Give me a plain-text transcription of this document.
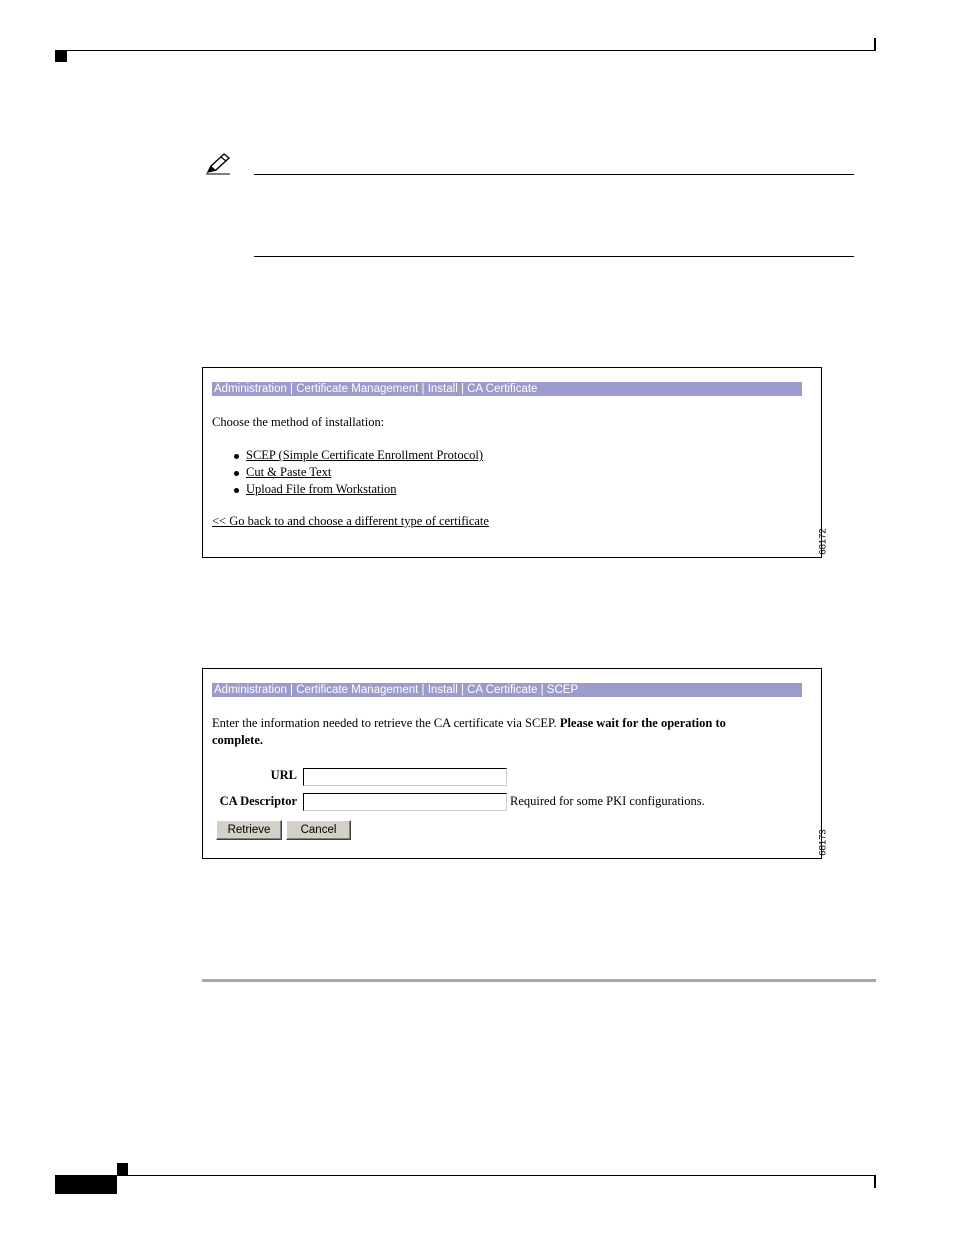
Administration | Certificate Management | Install | CA Certificate
Choose the method of installation:
SCEP (Simple Certificate Enrollment Protocol)
Cut & Paste Text
Upload File from Workstation
<< Go back to and choose a different type of certificate
68172
Administration | Certificate Management | Install | CA Certificate | SCEP
Enter the information needed to retrieve the CA certificate via SCEP. Please wait for the operation to
complete.
URL
CA Descriptor	Required for some PKI configurations.
Retrieve	Cancel	68173
